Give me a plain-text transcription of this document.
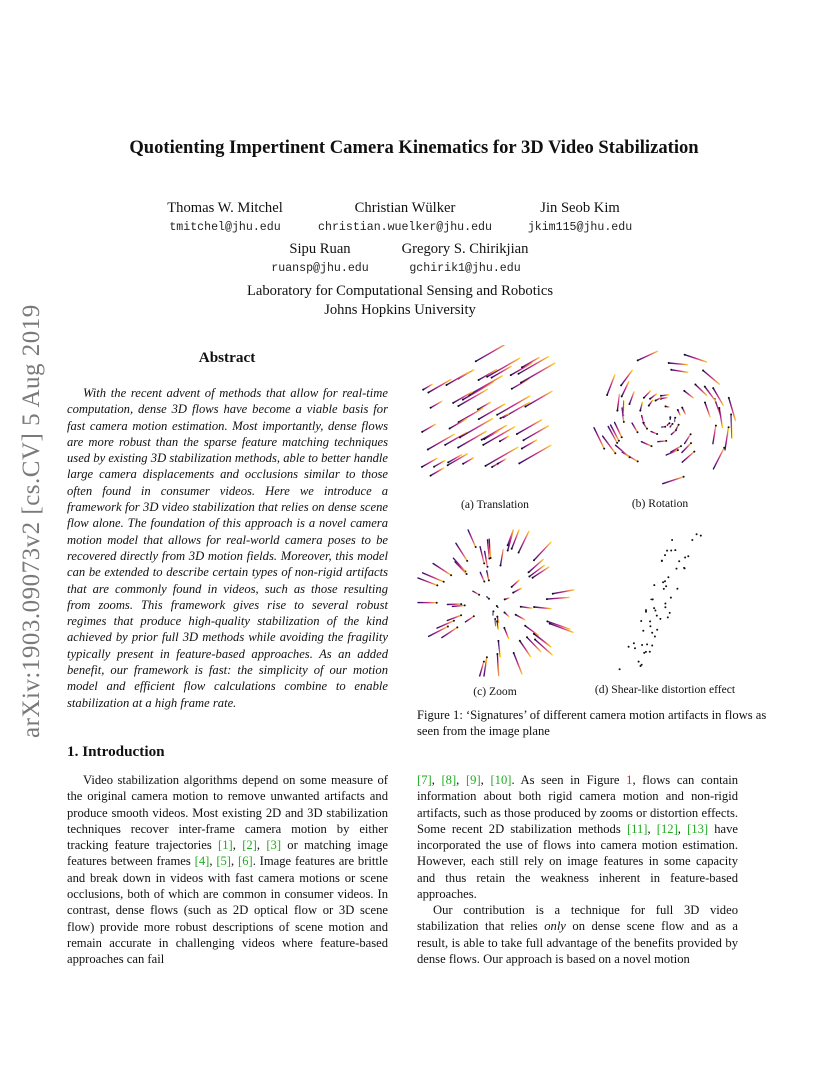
arXiv:1903.09073v2 [cs.CV] 5 Aug 2019
Quotienting Impertinent Camera Kinematics for 3D Video Stabilization
Thomas W. Mitchel
tmitchel@jhu.edu
Christian Wülker
christian.wuelker@jhu.edu
Jin Seob Kim
jkim115@jhu.edu
Sipu Ruan
ruansp@jhu.edu
Gregory S. Chirikjian
gchirik1@jhu.edu
Laboratory for Computational Sensing and Robotics
Johns Hopkins University
Abstract

With the recent advent of methods that allow for real-time computation, dense 3D flows have become a viable basis for fast camera motion estimation. Most importantly, dense flows are more robust than the sparse feature matching techniques used by existing 3D stabilization methods, able to better handle large camera displacements and occlusions similar to those often found in consumer videos. Here we introduce a framework for 3D video stabilization that relies on dense scene flow alone. The foundation of this approach is a novel camera motion model that allows for real-world camera poses to be recovered directly from 3D motion fields. Moreover, this model can be extended to describe certain types of non-rigid artifacts that are commonly found in videos, such as those resulting from zooms. This framework gives rise to several robust regimes that produce high-quality stabilization of the kind achieved by prior full 3D methods while avoiding the fragility typically present in feature-based approaches. As an added benefit, our framework is fast: the simplicity of our motion model and efficient flow calculations combine to enable stabilization at a high frame rate.

1. Introduction

Video stabilization algorithms depend on some measure of the original camera motion to remove unwanted artifacts and produce smooth videos. Most existing 2D and 3D stabilization techniques recover inter-frame camera motion by either tracking feature trajectories [1], [2], [3] or matching image features between frames [4], [5], [6]. Image features are brittle and break down in videos with fast camera motions or scene occlusions, both of which are common in consumer videos. In contrast, dense flows (such as 2D optical flow or 3D scene flow) provide more robust descriptions of scene motion and remain accurate in challenging videos where feature-based approaches can fail

[7], [8], [9], [10]. As seen in Figure 1, flows can contain information about both rigid camera motion and non-rigid artifacts, such as those produced by zooms or distortion effects. Some recent 2D stabilization methods [11], [12], [13] have incorporated the use of flows into camera motion estimation. However, each still rely on image features in some capacity and thus retain the weakness inherent in feature-based approaches.

Our contribution is a technique for full 3D video stabilization that relies only on dense scene flow and as a result, is able to take full advantage of the benefits provided by dense flows. Our approach is based on a novel motion

(a) Translation	(b) Rotation
(c) Zoom	(d) Shear-like distortion effect
Figure 1: ‘Signatures’ of different camera motion artifacts in flows as seen from the image plane
